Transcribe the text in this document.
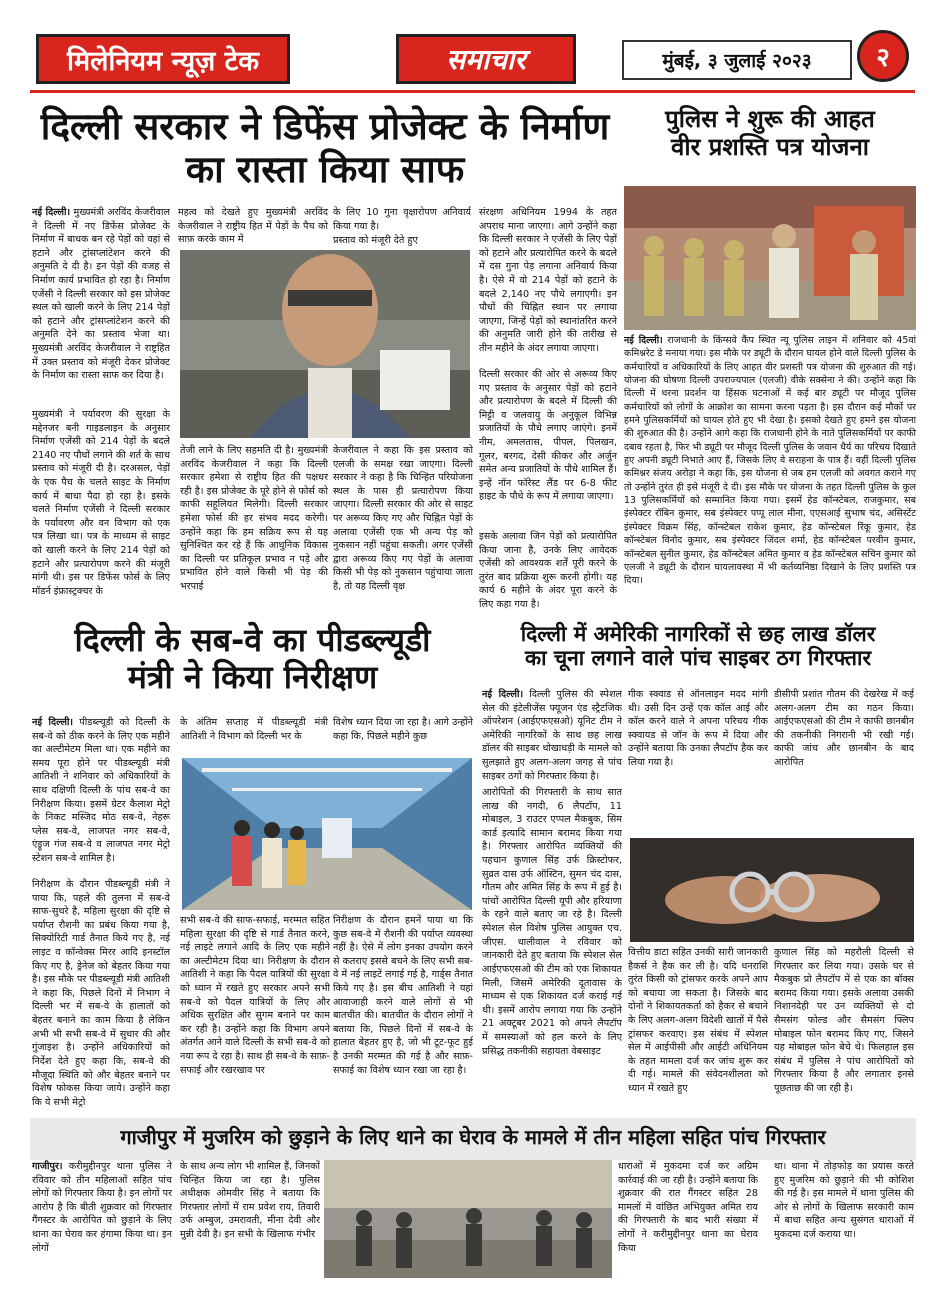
मिलेनियम न्यूज़ टेक	समाचार	मुंबई, ३ जुलाई २०२३ २
दिल्ली सरकार ने डिफेंस प्रोजेक्ट के निर्माण का रास्ता किया साफ

नई दिल्ली। मुख्यमंत्री अरविंद केजरीवाल ने दिल्ली में नए डिफेंस प्रोजेक्ट के निर्माण में बाधक बन रहे पेड़ों को वहां से हटाने और ट्रांसप्लांटेशन करने की अनुमति दे दी है। इन पेड़ों की वजह से निर्माण कार्य प्रभावित हो रहा है। निर्माण एजेंसी ने दिल्ली सरकार को इस प्रोजेक्ट स्थल को खाली करने के लिए 214 पेड़ों को हटाने और ट्रांसप्लांटेशन करने की अनुमति देने का प्रस्ताव भेजा था। मुख्यमंत्री अरविंद केजरीवाल ने राष्ट्रहित में उक्त प्रस्ताव को मंजूरी देकर प्रोजेक्ट के निर्माण का रास्ता साफ कर दिया है।

मुख्यमंत्री ने पर्यावरण की सुरक्षा के मद्देनजर बनी गाइडलाइन के अनुसार निर्माण एजेंसी को 214 पेड़ों के बदले 2140 नए पौधों लगाने की शर्त के साथ प्रस्ताव को मंजूरी दी है। दरअसल, पेड़ों के एक पैच के चलते साइट के निर्माण कार्य में बाधा पैदा हो रहा है। इसके चलते निर्माण एजेंसी ने दिल्ली सरकार के पर्यावरण और वन विभाग को एक पत्र लिखा था। पत्र के माध्यम से साइट को खाली करने के लिए 214 पेड़ों को हटाने और प्रत्यारोपण करने की मंजूरी मांगी थी। इस पर डिफेंस फोर्स के लिए मॉडर्न इंफ्रास्ट्रक्चर के
महत्व को देखते हुए मुख्यमंत्री अरविंद केजरीवाल ने राष्ट्रीय हित में पेड़ों के पैच को साफ़ करके काम में
के लिए 10 गुना वृक्षारोपण अनिवार्य किया गया है।
प्रस्ताव को मंजूरी देते हुए
तेजी लाने के लिए सहमति दी है। मुख्यमंत्री अरविंद केजरीवाल ने कहा कि दिल्ली सरकार हमेशा से राष्ट्रीय हित की पक्षधर रही है। इस प्रोजेक्ट के पूरे होने से फोर्स को काफी सहूलियत मिलेगी। दिल्ली सरकार हमेशा फोर्स की हर संभव मदद करेगी। उन्होंने कहा कि हम सक्रिय रूप से यह सुनिश्चित कर रहे हैं कि आधुनिक विकास का दिल्ली पर प्रतिकूल प्रभाव न पड़े और प्रभावित होने वाले किसी भी पेड़ की भरपाई
केजरीवाल ने कहा कि इस प्रस्ताव को एलजी के समक्ष रखा जाएगा। दिल्ली सरकार ने कहा है कि चिन्हित परियोजना स्थल के पास ही प्रत्यारोपण किया जाएगा। दिल्ली सरकार की ओर से साइट पर अरूव्य किए गए और चिह्नित पेड़ों के अलावा एजेंसी एक भी अन्य पेड़ को नुकसान नहीं पहुंचा सकती। अगर एजेंसी द्वारा अरूव्य किए गए पेड़ों के अलावा किसी भी पेड़ को नुकसान पहुंचाया जाता है, तो यह दिल्ली वृक्ष
संरक्षण अधिनियम 1994 के तहत अपराध माना जाएगा। आगे उन्होंने कहा कि दिल्ली सरकार ने एजेंसी के लिए पेड़ों को हटाने और प्रत्यारोपित करने के बदले में दस गुना पेड़ लगाना अनिवार्य किया है। ऐसे में वो 214 पेड़ों को हटाने के बदले 2,140 नए पौधे लगाएगी। इन पौधों की चिह्नित स्थान पर लगाया जाएगा, जिन्हें पेड़ों को स्थानांतरित करने की अनुमति जारी होने की तारीख से तीन महीने के अंदर लगाया जाएगा।
दिल्ली सरकार की ओर से अरूव्य किए गए प्रस्ताव के अनुसार पेड़ों को हटाने और प्रत्यारोपण के बदले में दिल्ली की मिट्टी व जलवायु के अनुकूल विभिन्न प्रजातियों के पौधे लगाए जाएंगे। इनमें नीम, अमलतास, पीपल, पिलखन, गूलर, बरगद, देसी कीकर और अर्जुन समेत अन्य प्रजातियों के पौधे शामिल हैं। इन्हें नॉन फॉरेस्ट लैंड पर 6-8 फीट हाइट के पौधे के रूप में लगाया जाएगा।
इसके अलावा जिन पेड़ों को प्रत्यारोपित किया जाना है, उनके लिए आवेदक एजेंसी को आवश्यक शर्तें पूरी करने के तुरंत बाद प्रक्रिया शुरू करनी होगी। यह कार्य 6 महीने के अंदर पूरा करने के लिए कहा गया है।
पुलिस ने शुरू की आहत
वीर प्रशस्ति पत्र योजना

नई दिल्ली। राजधानी के किंग्सवे कैंप स्थित न्यू पुलिस लाइन में शनिवार को 45वां कमिश्नरेट डे मनाया गया। इस मौके पर ड्यूटी के दौरान घायल होने वाले दिल्ली पुलिस के कर्मचारियों व अधिकारियों के लिए आहत वीर प्रशस्ती पत्र योजना की शुरुआत की गई। योजना की घोषणा दिल्ली उपराज्यपाल (एलजी) वीके सक्सेना ने की। उन्होंने कहा कि दिल्ली में धरना प्रदर्शन या हिंसक घटनाओं में कई बार ड्यूटी पर मौजूद पुलिस कर्मचारियों को लोगों के आक्रोश का सामना करना पड़ता है। इस दौरान कई मौकों पर हमने पुलिसकर्मियों को घायल होते हुए भी देखा है। इसको देखते हुए हमने इस योजना की शुरुआत की है। उन्होंने आगे कहा कि राजधानी होने के नाते पुलिसकर्मियों पर काफी दबाव रहता है, फिर भी ड्यूटी पर मौजूद दिल्ली पुलिस के जवान धैर्य का परिचय दिखाते हुए अपनी ड्यूटी निभाते आए हैं, जिसके लिए वे सराहना के पात्र हैं। वहीं दिल्ली पुलिस कमिश्नर संजय अरोड़ा ने कहा कि, इस योजना से जब हम एलजी को अवगत कराने गए तो उन्होंने तुरंत ही इसे मंजूरी दे दी। इस मौके पर योजना के तहत दिल्ली पुलिस के कुल 13 पुलिसकर्मियों को सम्मानित किया गया। इसमें हेड कॉन्स्टेबल, राजकुमार, सब इंस्पेक्टर रॉबिन कुमार, सब इंस्पेक्टर पप्पू लाल मीना, एएसआई सुभाष चंद, असिस्टेंट इंस्पेक्टर विक्रम सिंह, कॉन्स्टेबल राकेश कुमार, हेड कॉन्स्टेबल रिंकू कुमार, हेड कॉन्स्टेबल विनोद कुमार, सब इंस्पेक्टर जिंदल शर्मा, हेड कॉन्स्टेबल परवीन कुमार, कॉन्स्टेबल सुनील कुमार, हेड कॉन्स्टेबल अमित कुमार व हेड कॉन्स्टेबल सचिन कुमार को एलजी ने ड्यूटी के दौरान घायलावस्था में भी कर्तव्यनिष्ठा दिखाने के लिए प्रशस्ति पत्र दिया।

दिल्ली के सब-वे का पीडब्ल्यूडी
मंत्री ने किया निरीक्षण

नई दिल्ली। पीडब्ल्यूडी को दिल्ली के सब-वे को ठीक करने के लिए एक महीने का अल्टीमेटम मिला था। एक महीने का समय पूरा होने पर पीडब्ल्यूडी मंत्री आतिशी ने शनिवार को अधिकारियों के साथ दक्षिणी दिल्ली के पांच सब-वे का निरीक्षण किया। इसमें ग्रेटर कैलाश मेट्रो के निकट मस्जिद मोठ सब-वे, नेहरू प्लेस सब-वे, लाजपत नगर सब-वे, एंड्रूज गंज सब-वे व लाजपत नगर मेट्रो स्टेशन सब-वे शामिल है।

निरीक्षण के दौरान पीडब्ल्यूडी मंत्री ने पाया कि, पहले की तुलना में सब-वे साफ-सुथरे है, महिला सुरक्षा की दृष्टि से पर्याप्त रौशनी का प्रबंध किया गया है, सिक्योरिटी गार्ड तैनात किये गए है, नई लाइट व कॉन्वेक्स मिरर आदि इनस्टॉल किए गए है, ड्रेनेज को बेहतर किया गया है। इस मौके पर पीडब्ल्यूडी मंत्री आतिशी ने कहा कि, पिछले दिनों में निभाग ने दिल्ली भर में सब-वे के हालातों को बेहतर बनाने का काम किया है लेकिन अभी भी सभी सब-वे में सुधार की और गुंजाइश है। उन्होंने अधिकारियों को निर्देश देते हुए कहा कि, सब-वे की मौजूदा स्थिति को और बेहतर बनाने पर विशेष फोकस किया जाये। उन्होंने कहा कि ये सभी मेट्रो
के अंतिम सप्ताह में पीडब्ल्यूडी मंत्री आतिशी ने विभाग को दिल्ली भर के
विशेष ध्यान दिया जा रहा है। आगे उन्होंने कहा कि, पिछले महीने कुछ
सभी सब-वे की साफ-सफाई, मरम्मत सहित महिला सुरक्षा की दृष्टि से गार्ड तैनात करने, नई लाइटे लगाने आदि के लिए एक महीने का अल्टीमेटम दिया था। निरीक्षण के दौरान आतिशी ने कहा कि पैदल यात्रियों की सुरक्षा को ध्यान में रखते हुए सरकार अपने सभी सब-वे को पैदल यात्रियों के लिए और अधिक सुरक्षित और सुगम बनाने पर काम कर रही है। उन्होंने कहा कि विभाग अपने अंतर्गत आने वाले दिल्ली के सभी सब-वे को नया रूप दे रहा है। साथ ही सब-वे के साफ़-सफाई और रखरखाव पर
निरीक्षण के दौरान हमनें पाया था कि कुछ सब-वे में रौशनी की पर्याप्त व्यवस्था नहीं है। ऐसे में लोग इनका उपयोग करने से कतराए इससे बचने के लिए सभी सब-वे में नई लाइटें लगाई गई है, गार्ड्स तैनात किये गए है। इस बीच आतिशी ने यहां आवाजाही करने वाले लोगों से भी बातचीत की। बातचीत के दौरान लोगों ने बताया कि, पिछले दिनों में सब-वे के हालात बेहतर हुए है, जो भी टूट-फूट हुई है उनकी मरम्मत की गई है और साफ़-सफाई का विशेष ध्यान रखा जा रहा है।
दिल्ली में अमेरिकी नागरिकों से छह लाख डॉलर
का चूना लगाने वाले पांच साइबर ठग गिरफ्तार

नई दिल्ली। दिल्ली पुलिस की स्पेशल सेल की इंटेलीजेंस फ्यूजन एंड स्ट्रैटजिक ऑपरेशन (आईएफएसओ) यूनिट टीम ने अमेरिकी नागरिकों के साथ छह लाख डॉलर की साइबर धोखाधड़ी के मामले को सुलझाते हुए अलग-अलग जगह से पांच साइबर ठगों को गिरफ्तार किया है।

आरोपितों की गिरफ्तारी के साथ सात लाख की नगदी, 6 लैपटॉप, 11 मोबाइल, 3 राउटर एप्पल मैकबुक, सिम कार्ड इत्यादि सामान बरामद किया गया है। गिरफ्तार आरोपित व्यक्तियों की पहचान कुणाल सिंह उर्फ क्रिस्टोफर, सुव्रत दास उर्फ ऑस्टिन, सुमन चंद दास, गौतम और अमित सिंह के रूप में हुई है। पांचों आरोपित दिल्ली यूपी और हरियाणा के रहने वाले बताए जा रहे है। दिल्ली स्पेशल सेल विशेष पुलिस आयुक्त एच. जीएस. धालीवाल ने रविवार को जानकारी देते हुए बताया कि स्पेशल सेल आईएफएसओ की टीम को एक शिकायत मिली, जिसमें अमेरिकी दूतावास के माध्यम से एक शिकायत दर्ज कराई गई थी। इसमें आरोप लगाया गया कि उन्होंने 21 अक्टूबर 2021 को अपने लैपटॉप में समस्याओं को हल करने के लिए प्रसिद्ध तकनीकी सहायता वेबसाइट
गीक स्क्वाड से ऑनलाइन मदद मांगी थी। उसी दिन उन्हें एक कॉल आई और कॉल करने वाले ने अपना परिचय गीक स्क्वायड से जॉन के रूप में दिया और उन्होंने बताया कि उनका लैपटॉप हैक कर लिया गया है।
डीसीपी प्रशांत गौतम की देखरेख में कई अलग-अलग टीम का गठन किया। आईएफएसओ की टीम ने काफी छानबीन की तकनीकी निगरानी भी रखी गई। काफी जांच और छानबीन के बाद आरोपित
वित्तीय डाटा सहित उनकी सारी जानकारी हैकर्स ने हैक कर ली है। यदि धनराशि तुरंत किसी को ट्रांसफर करके अपने आप को बचाया जा सकता है। जिसके बाद दोनों ने शिकायतकर्ता को हैकर से बचाने के लिए अलग-अलग विदेशी खातों में पैसे ट्रांसफर करवाए। इस संबंध में स्पेशल सेल में आईपीसी और आईटी अधिनियम के तहत मामला दर्ज कर जांच शुरू कर दी गई। मामले की संवेदनशीलता को ध्यान में रखते हुए
कुणाल सिंह को महरौली दिल्ली से गिरफ्तार कर लिया गया। उसके घर से मैकबुक प्रो लैपटॉप में से एक का बॉक्स बरामद किया गया। इसके अलावा उसकी निशानदेही पर उन व्यक्तियों से दो सैमसंग फोल्ड और सैमसंग फ्लिप मोबाइल फोन बरामद किए गए, जिसने यह मोबाइल फोन बेचे थे। फिलहाल इस संबंध में पुलिस ने पांच आरोपितों को गिरफ्तार किया है और लगातार इनसे पूछताछ की जा रही है।
गाजीपुर में मुजरिम को छुड़ाने के लिए थाने का घेराव के मामले में तीन महिला सहित पांच गिरफ्तार

गाजीपुर। करीमुद्दीनपुर थाना पुलिस ने रविवार को तीन महिलाओं सहित पांच लोगों को गिरफ्तार किया है। इन लोगों पर आरोप है कि बीती शुक्रवार को गिरफ्तार गैंगस्टर के आरोपित को छुड़ाने के लिए थाना का घेराव कर हंगामा किया था। इन लोगों

के साथ अन्य लोग भी शामिल हैं, जिनकों चिन्हित किया जा रहा है। पुलिस अधीक्षक ओमवीर सिंह ने बताया कि गिरफ्तार लोगों में राम प्रवेश राय, तिवारी उर्फ अम्बुज, उमरावती, मीना देवी और मुन्नी देवी है। इन सभी के खिलाफ गंभीर
धाराओं में मुकदमा दर्ज कर अग्रिम कार्रवाई की जा रही है। उन्होंने बताया कि शुक्रवार की रात गैंगस्टर सहित 28 मामलों में वांछित अभियुक्त अमित राय की गिरफ्तारी के बाद भारी संख्या में लोगों ने करीमुद्दीनपुर थाना का घेराव किया
था। थाना में तोड़फोड़ का प्रयास करते हुए मुजरिम को छुड़ाने की भी कोशिश की गई है। इस मामले में थाना पुलिस की ओर से लोगों के खिलाफ सरकारी काम में बाधा सहित अन्य सुसंगत धाराओं में मुकदमा दर्ज कराया था।
